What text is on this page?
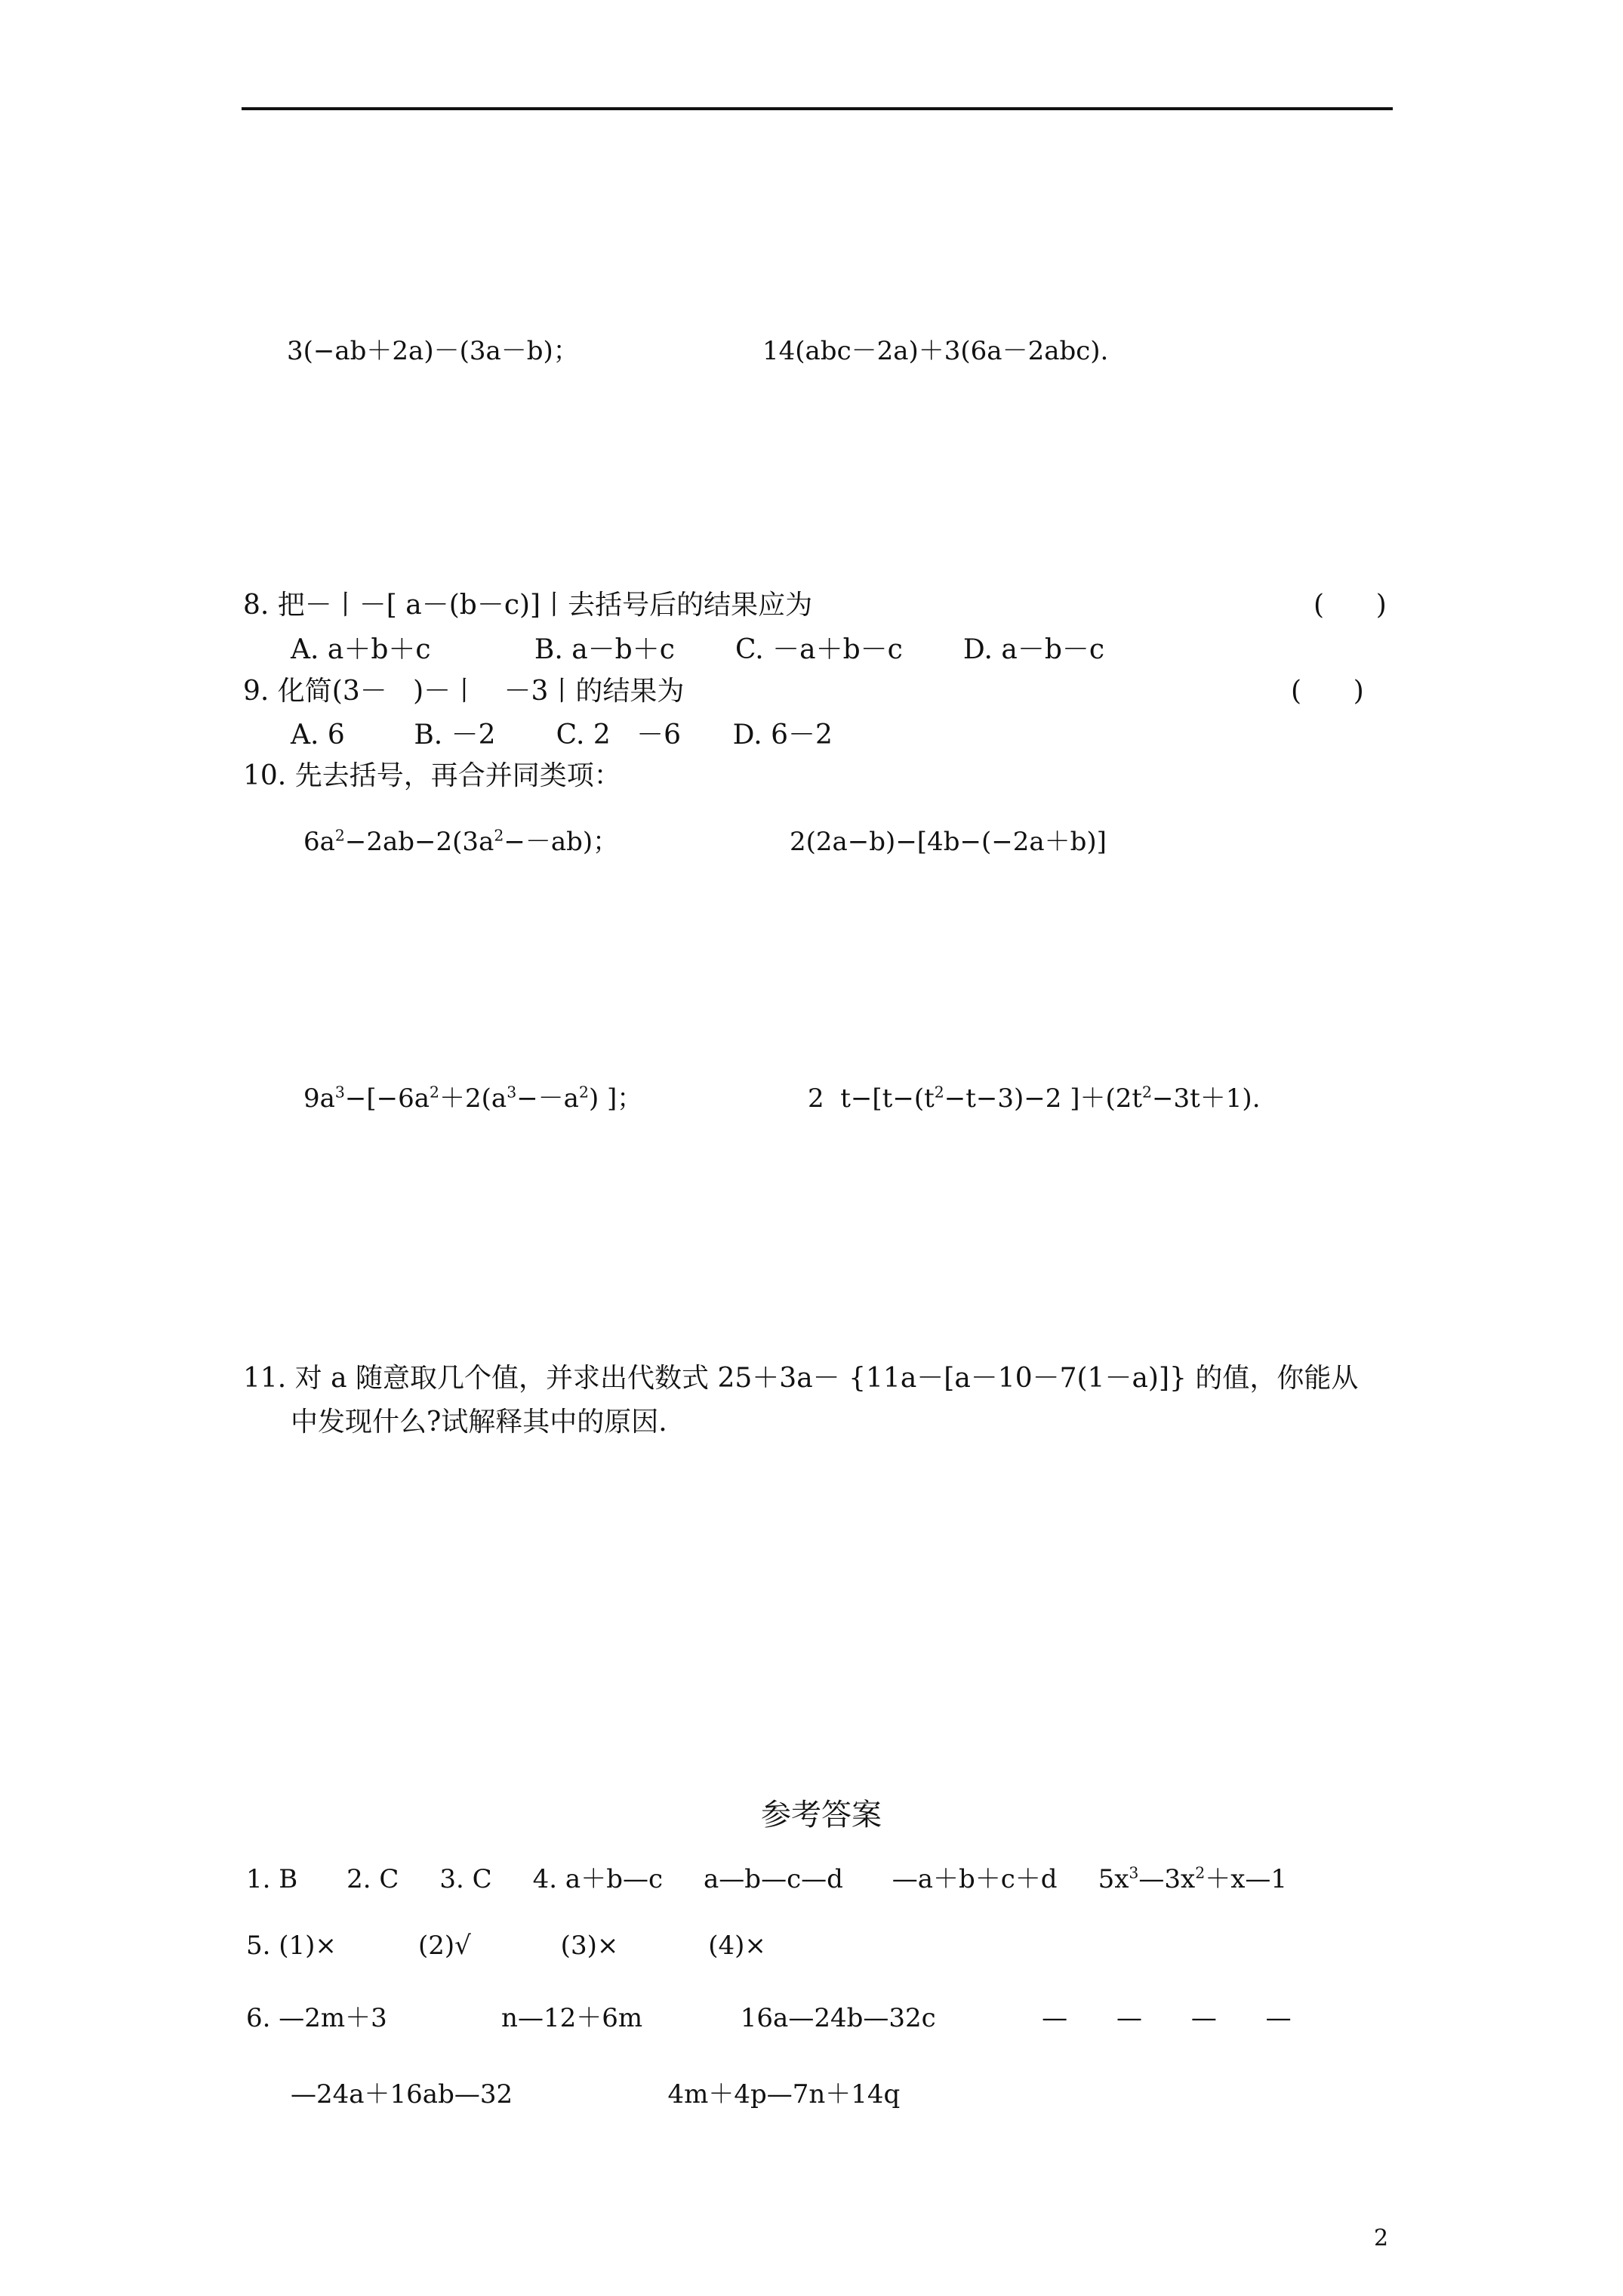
3(−ab＋2a)－(3a－b)；	14(abc－2a)＋3(6a－2abc).
8. 把－丨－[ a－(b－c)]丨去括号后的结果应为	(      )
A. a＋b＋c            B. a－b＋c       C. －a＋b－c       D. a－b－c
9. 化简(3－   )－丨   －3丨的结果为	(      )
A. 6        B. －2       C. 2   －6      D. 6－2
10. 先去括号，再合并同类项：
$6a^2-2ab-2(3a^2--ab)$；	2(2a−b)−[4b−(−2a＋b)]
$9a^3-[-6a^2+2(a^3--a^2)$ ]；	2  $t-[t-(t^2-t-3)-2$ ]$+(2t^2-3t+1)$.
11. 对 a 随意取几个值，并求出代数式 25＋3a－ {11a－[a－10－7(1－a)]} 的值，你能从
中发现什么?试解释其中的原因.
参考答案
1. B      2. C     3. C     4. a＋b—c     a—b—c—d      —a＋b＋c＋d     $5x^3—3x^2+x—1$
5. (1)×          (2)√           (3)×           (4)×
6. —2m＋3              n—12＋6m            16a—24b—32c             —      —      —      —
—24a＋16ab—32                   4m＋4p—7n＋14q
2
